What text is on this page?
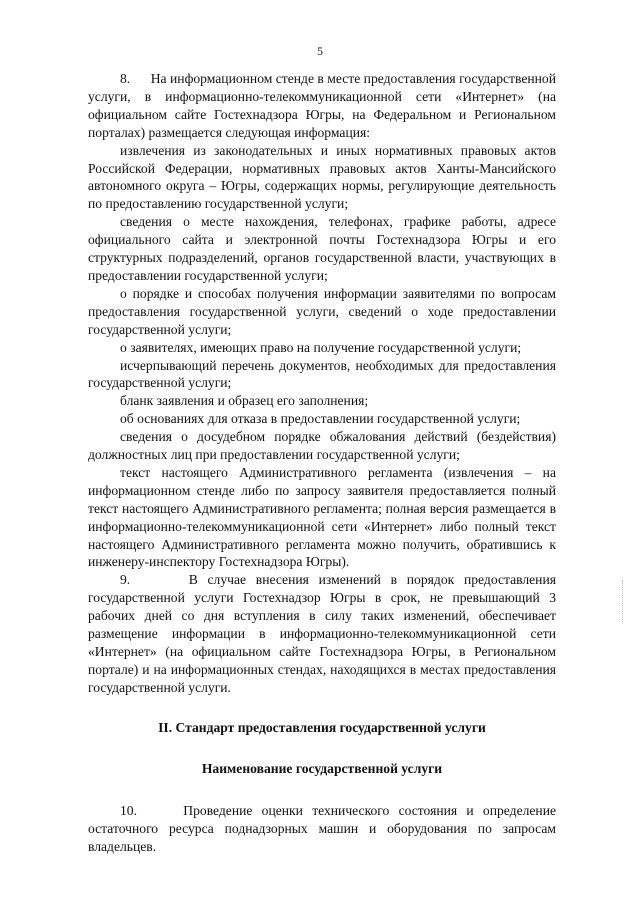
5

8.      На информационном стенде в месте предоставления государственной услуги, в информационно-телекоммуникационной сети «Интернет» (на официальном сайте Гостехнадзора Югры, на Федеральном и Региональном порталах) размещается следующая информация:

извлечения из законодательных и иных нормативных правовых актов Российской Федерации, нормативных правовых актов Ханты-Мансийского автономного округа – Югры, содержащих нормы, регулирующие деятельность по предоставлению государственной услуги;

сведения о месте нахождения, телефонах, графике работы, адресе официального сайта и электронной почты Гостехнадзора Югры и его структурных подразделений, органов государственной власти, участвующих в предоставлении государственной услуги;

о порядке и способах получения информации заявителями по вопросам предоставления государственной услуги, сведений о ходе предоставлении государственной услуги;

о заявителях, имеющих право на получение государственной услуги;

исчерпывающий перечень документов, необходимых для предоставления государственной услуги;

бланк заявления и образец его заполнения;

об основаниях для отказа в предоставлении государственной услуги;

сведения о досудебном порядке обжалования действий (бездействия) должностных лиц при предоставлении государственной услуги;

текст настоящего Административного регламента (извлечения – на информационном стенде либо по запросу заявителя предоставляется полный текст настоящего Административного регламента; полная версия размещается в информационно-телекоммуникационной сети «Интернет» либо полный текст настоящего Административного регламента можно получить, обратившись к инженеру-инспектору Гостехнадзора Югры).

9.      В случае внесения изменений в порядок предоставления государственной услуги Гостехнадзор Югры в срок, не превышающий 3 рабочих дней со дня вступления в силу таких изменений, обеспечивает размещение информации в информационно-телекоммуникационной сети «Интернет» (на официальном сайте Гостехнадзора Югры, в Региональном портале) и на информационных стендах, находящихся в местах предоставления государственной услуги.

II. Стандарт предоставления государственной услуги

Наименование государственной услуги

10.     Проведение оценки технического состояния и определение остаточного ресурса поднадзорных машин и оборудования по запросам владельцев.
